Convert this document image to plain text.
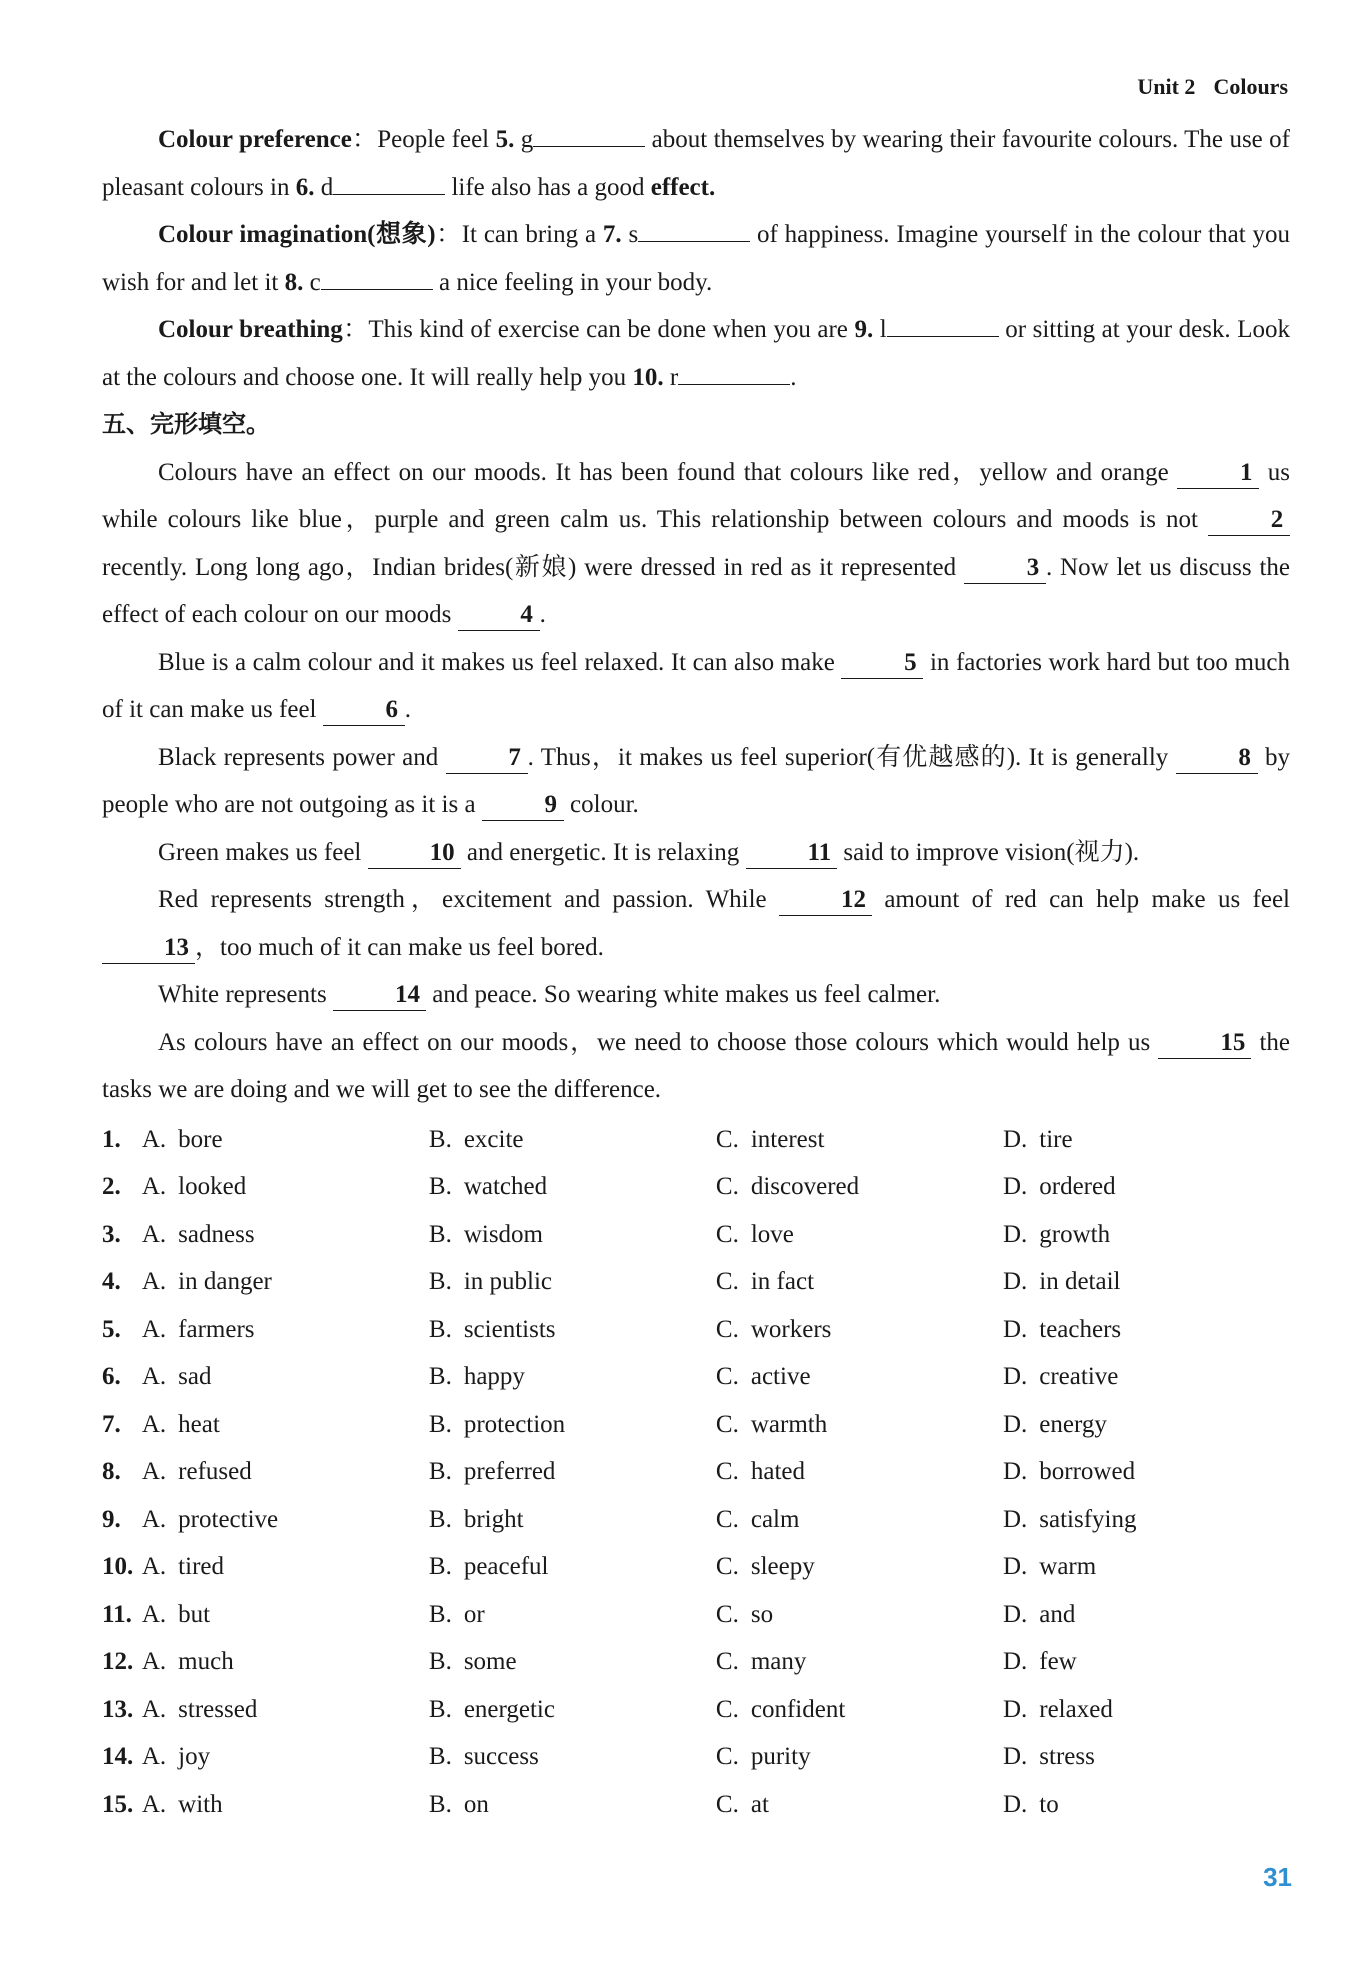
Unit 2 Colours

Colour preference：People feel 5. g	about themselves by wearing their favourite colours. The use of pleasant colours in 6. d	life also has a good effect.

Colour imagination(想象)：It can bring a 7. s	of happiness. Imagine yourself in the colour that you wish for and let it 8. c	a nice feeling in your body.

Colour breathing：This kind of exercise can be done when you are 9. l	or sitting at your desk. Look at the colours and choose one. It will really help you 10. r	.

五、完形填空。

Colours have an effect on our moods. It has been found that colours like red，yellow and orange	1 us while colours like blue，purple and green calm us. This relationship between colours and moods is not	2 recently. Long long ago，Indian brides(新娘) were dressed in red as it represented	3 . Now let us discuss the effect of each colour on our moods	4 .

Blue is a calm colour and it makes us feel relaxed. It can also make	5 in factories work hard but too much of it can make us feel	6 .

Black represents power and	7 . Thus，it makes us feel superior(有优越感的). It is generally	8 by people who are not outgoing as it is a	9 colour.

Green makes us feel 10 and energetic. It is relaxing 11 said to improve vision(视力).

Red represents strength，excitement and passion. While 12 amount of red can help make us feel 13 ，too much of it can make us feel bored.

White represents 14 and peace. So wearing white makes us feel calmer.

As colours have an effect on our moods，we need to choose those colours which would help us 15 the tasks we are doing and we will get to see the difference.

1. A. bore	B. excite	C. interest	D. tire
2. A. looked	B. watched	C. discovered	D. ordered
3. A. sadness	B. wisdom	C. love	D. growth
4. A. in danger	B. in public	C. in fact	D. in detail
5. A. farmers	B. scientists	C. workers	D. teachers
6. A. sad	B. happy	C. active	D. creative
7. A. heat	B. protection	C. warmth	D. energy
8. A. refused	B. preferred	C. hated	D. borrowed
9. A. protective	B. bright	C. calm	D. satisfying
10. A. tired	B. peaceful	C. sleepy	D. warm
11. A. but	B. or	C. so	D. and
12. A. much	B. some	C. many	D. few
13. A. stressed	B. energetic	C. confident	D. relaxed
14. A. joy	B. success	C. purity	D. stress
15. A. with	B. on	C. at	D. to
31
